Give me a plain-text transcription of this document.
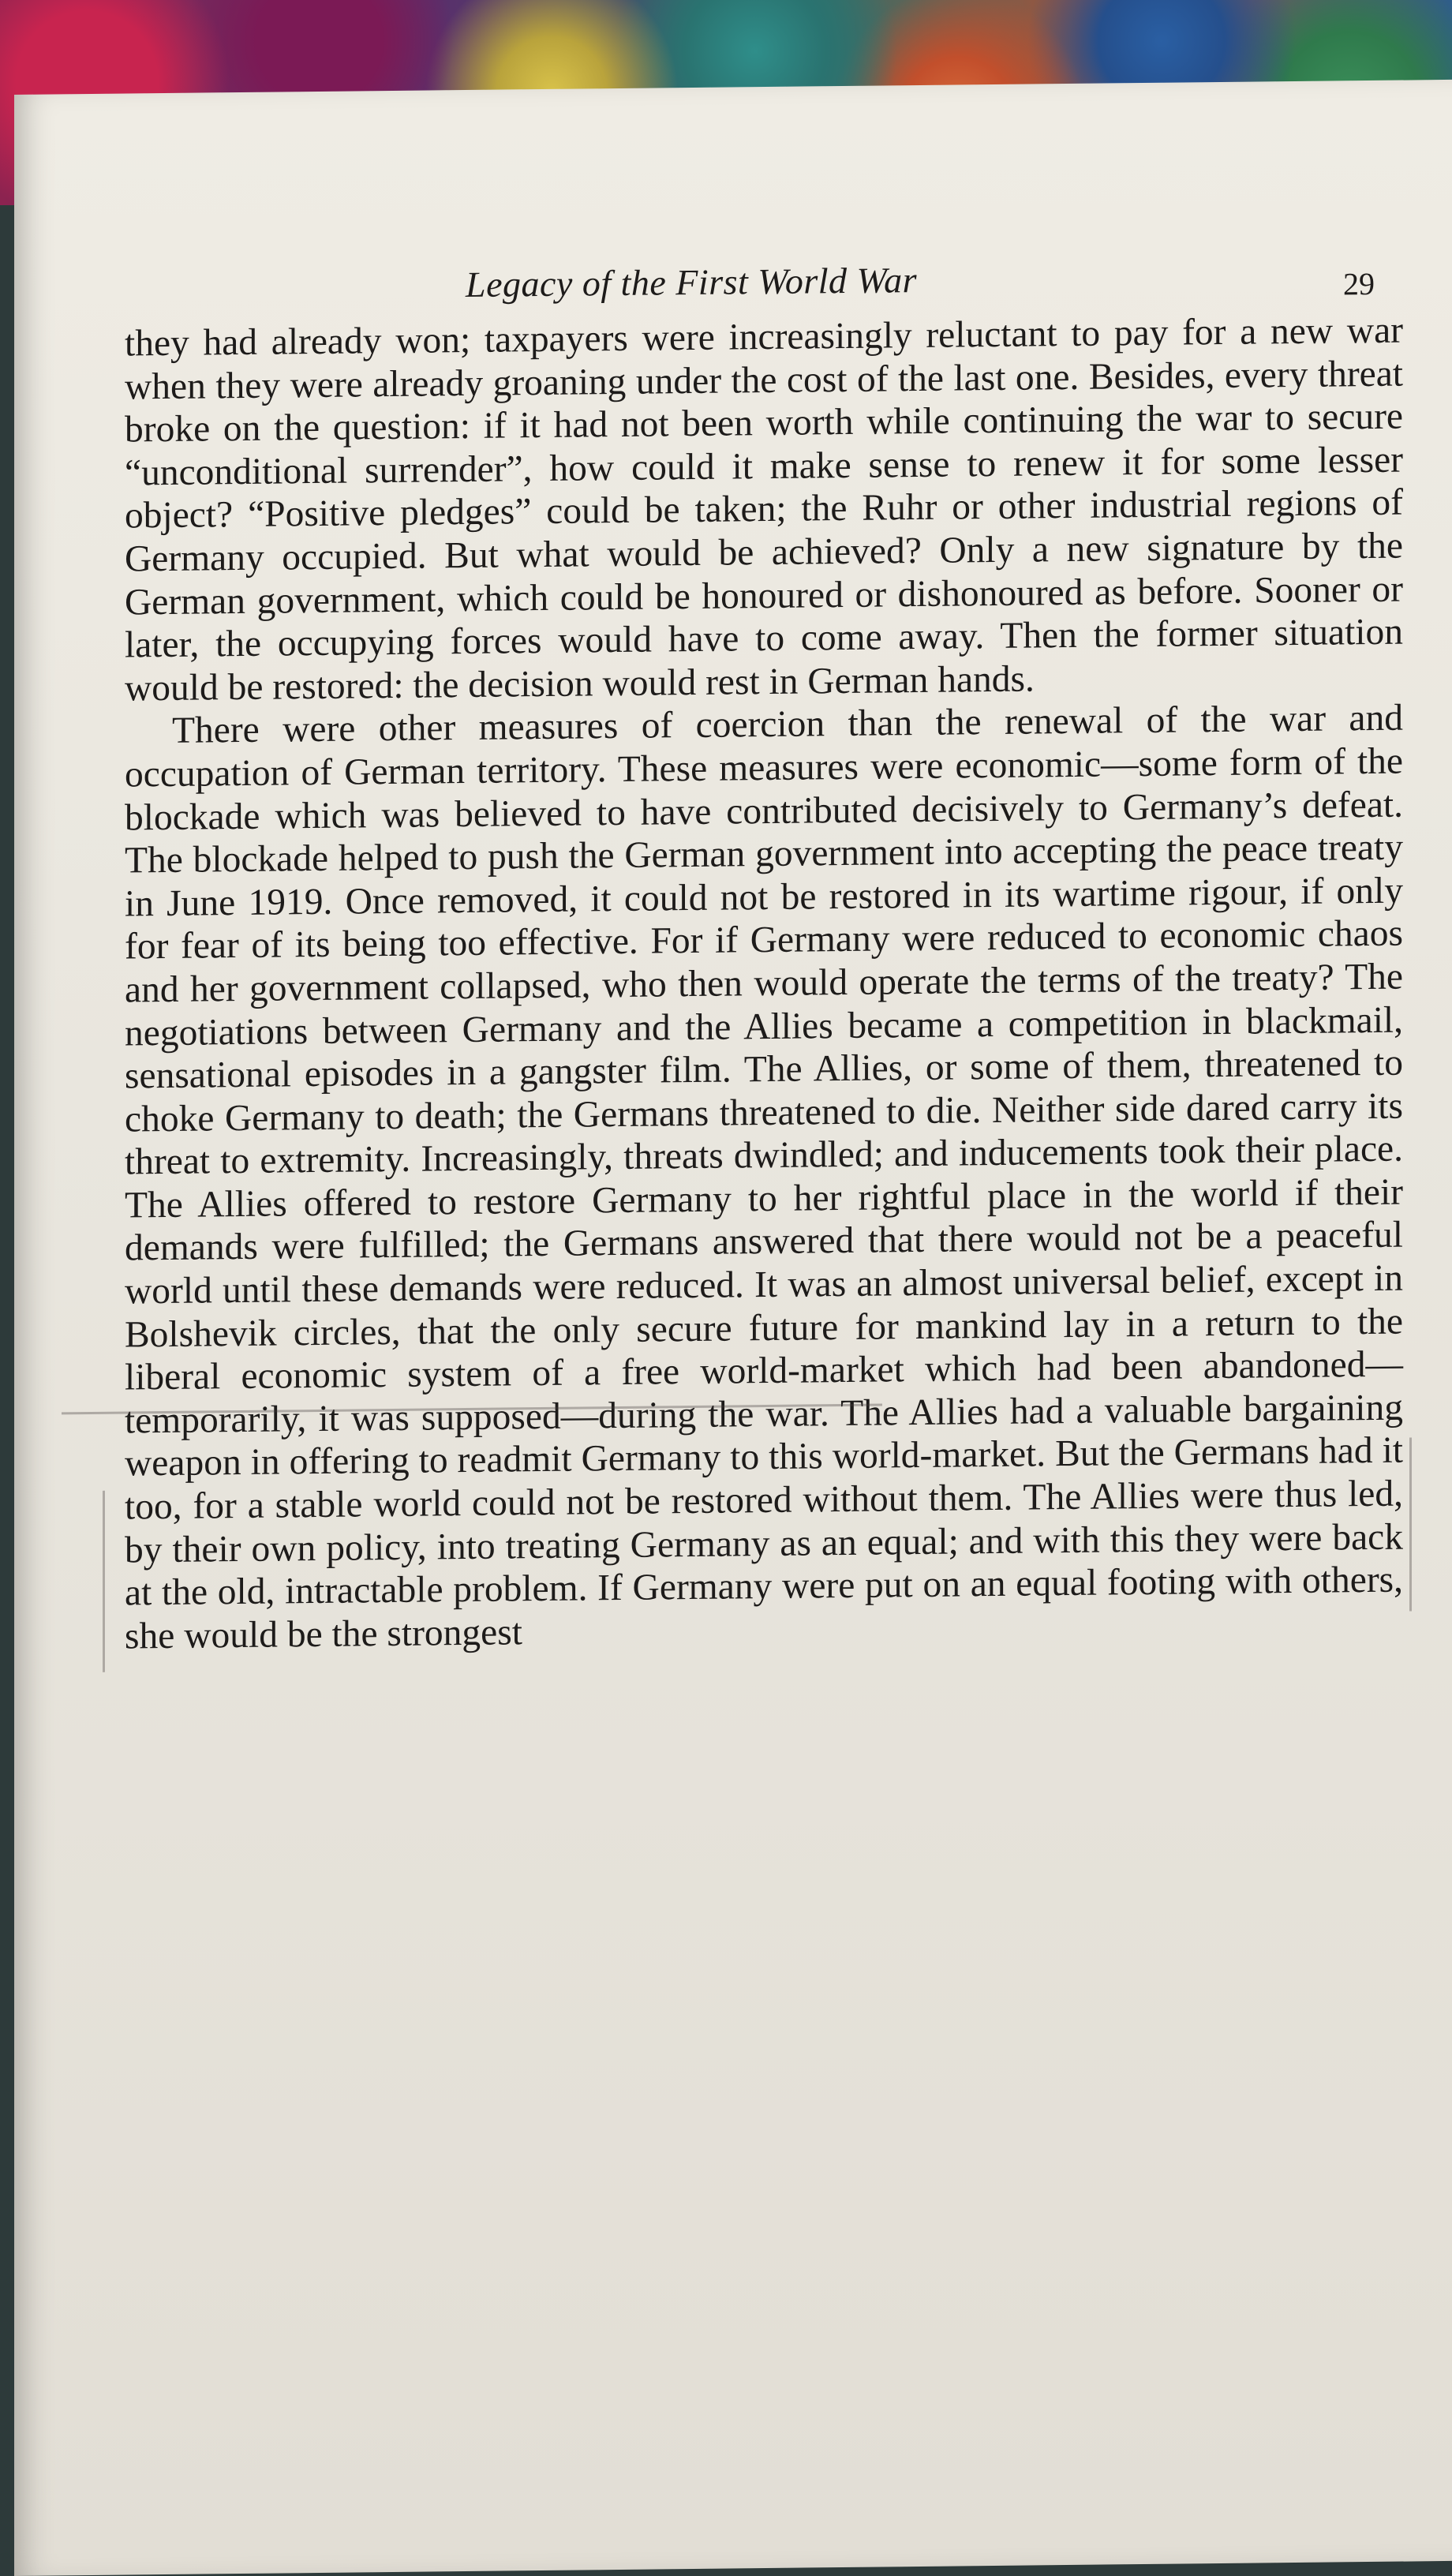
Legacy of the First World War	29

they had already won; taxpayers were increasingly reluctant to pay for a new war when they were already groaning under the cost of the last one. Besides, every threat broke on the question: if it had not been worth while continuing the war to secure “unconditional surrender”, how could it make sense to renew it for some lesser object? “Positive pledges” could be taken; the Ruhr or other industrial regions of Germany occupied. But what would be achieved? Only a new signature by the German government, which could be honoured or dishonoured as before. Sooner or later, the occupying forces would have to come away. Then the former situation would be restored: the decision would rest in German hands.

There were other measures of coercion than the renewal of the war and occupation of German territory. These measures were economic—some form of the blockade which was believed to have contributed decisively to Germany’s defeat. The blockade helped to push the German government into accepting the peace treaty in June 1919. Once removed, it could not be restored in its wartime rigour, if only for fear of its being too effective. For if Germany were reduced to economic chaos and her government collapsed, who then would operate the terms of the treaty? The negotiations between Germany and the Allies became a competition in blackmail, sensational episodes in a gangster film. The Allies, or some of them, threatened to choke Germany to death; the Germans threatened to die. Neither side dared carry its threat to extremity. Increasingly, threats dwindled; and inducements took their place. The Allies offered to restore Germany to her rightful place in the world if their demands were fulfilled; the Germans answered that there would not be a peaceful world until these demands were reduced. It was an almost universal belief, except in Bolshevik circles, that the only secure future for mankind lay in a return to the liberal economic system of a free world-market which had been abandoned—temporarily, it was supposed—during the war. The Allies had a valuable bargaining weapon in offering to readmit Germany to this world-market. But the Germans had it too, for a stable world could not be restored without them. The Allies were thus led, by their own policy, into treating Germany as an equal; and with this they were back at the old, intractable problem. If Germany were put on an equal footing with others, she would be the strongest
